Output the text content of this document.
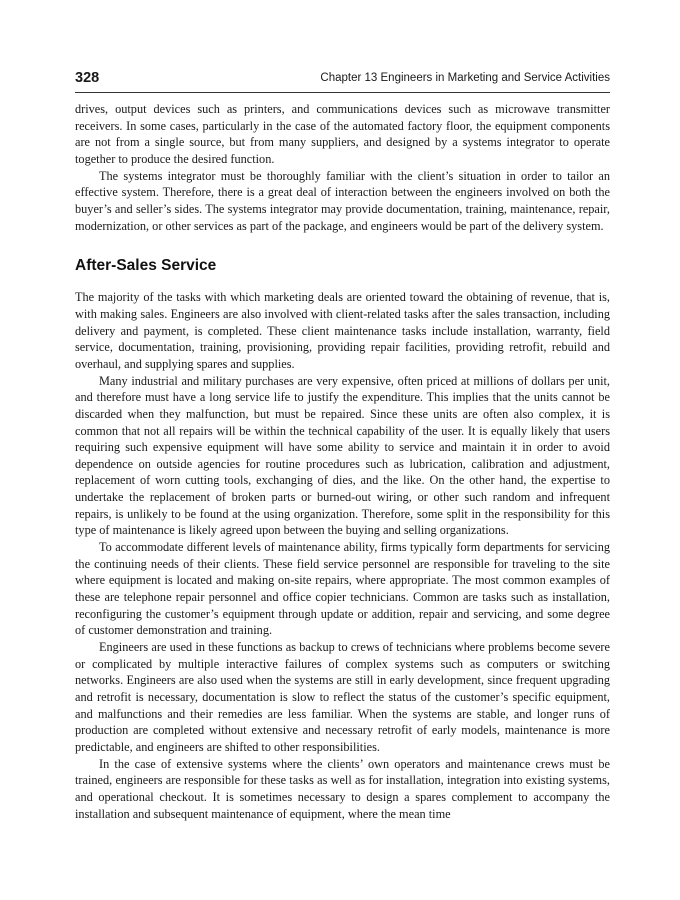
328	Chapter 13 Engineers in Marketing and Service Activities

drives, output devices such as printers, and communications devices such as microwave transmitter receivers. In some cases, particularly in the case of the automated factory floor, the equipment components are not from a single source, but from many suppliers, and designed by a systems integrator to operate together to produce the desired function.

The systems integrator must be thoroughly familiar with the client’s situation in order to tailor an effective system. Therefore, there is a great deal of interaction between the engineers involved on both the buyer’s and seller’s sides. The systems integrator may provide documentation, training, maintenance, repair, modernization, or other services as part of the package, and engineers would be part of the delivery system.

After-Sales Service

The majority of the tasks with which marketing deals are oriented toward the obtaining of revenue, that is, with making sales. Engineers are also involved with client-related tasks after the sales transaction, including delivery and payment, is completed. These client maintenance tasks include installation, warranty, field service, documentation, training, provisioning, providing repair facilities, providing retrofit, rebuild and overhaul, and supplying spares and supplies.

Many industrial and military purchases are very expensive, often priced at millions of dollars per unit, and therefore must have a long service life to justify the expenditure. This implies that the units cannot be discarded when they malfunction, but must be repaired. Since these units are often also complex, it is common that not all repairs will be within the technical capability of the user. It is equally likely that users requiring such expensive equipment will have some ability to service and maintain it in order to avoid dependence on outside agencies for routine procedures such as lubrication, calibration and adjustment, replacement of worn cutting tools, exchanging of dies, and the like. On the other hand, the expertise to undertake the replacement of broken parts or burned-out wiring, or other such random and infrequent repairs, is unlikely to be found at the using organization. Therefore, some split in the responsibility for this type of maintenance is likely agreed upon between the buying and selling organizations.

To accommodate different levels of maintenance ability, firms typically form departments for servicing the continuing needs of their clients. These field service personnel are responsible for traveling to the site where equipment is located and making on-site repairs, where appropriate. The most common examples of these are telephone repair personnel and office copier technicians. Common are tasks such as installation, reconfiguring the customer’s equipment through update or addition, repair and servicing, and some degree of customer demonstration and training.

Engineers are used in these functions as backup to crews of technicians where problems become severe or complicated by multiple interactive failures of complex systems such as computers or switching networks. Engineers are also used when the systems are still in early development, since frequent upgrading and retrofit is necessary, documentation is slow to reflect the status of the customer’s specific equipment, and malfunctions and their remedies are less familiar. When the systems are stable, and longer runs of production are completed without extensive and necessary retrofit of early models, maintenance is more predictable, and engineers are shifted to other responsibilities.

In the case of extensive systems where the clients’ own operators and maintenance crews must be trained, engineers are responsible for these tasks as well as for installation, integration into existing systems, and operational checkout. It is sometimes necessary to design a spares complement to accompany the installation and subsequent maintenance of equipment, where the mean time
